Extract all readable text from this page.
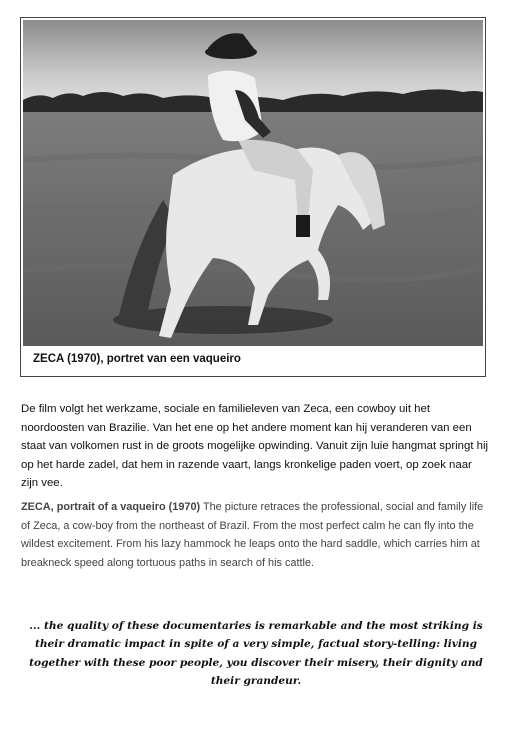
ZECA (1970), portret van een vaqueiro
De film volgt het werkzame, sociale en familieleven van Zeca, een cowboy uit het noordoosten van Brazilie. Van het ene op het andere moment kan hij veranderen van een staat van volkomen rust in de groots mogelijke opwinding. Vanuit zijn luie hangmat springt hij op het harde zadel, dat hem in razende vaart, langs kronkelige paden voert, op zoek naar zijn vee.
ZECA, portrait of a vaqueiro (1970) The picture retraces the professional, social and family life of Zeca, a cow-boy from the northeast of Brazil. From the most perfect calm he can fly into the wildest excitement. From his lazy hammock he leaps onto the hard saddle, which carries him at breakneck speed along tortuous paths in search of his cattle.
... the quality of these documentaries is remarkable and the most striking is their dramatic impact in spite of a very simple, factual story-telling: living together with these poor people, you discover their misery, their dignity and their grandeur.
